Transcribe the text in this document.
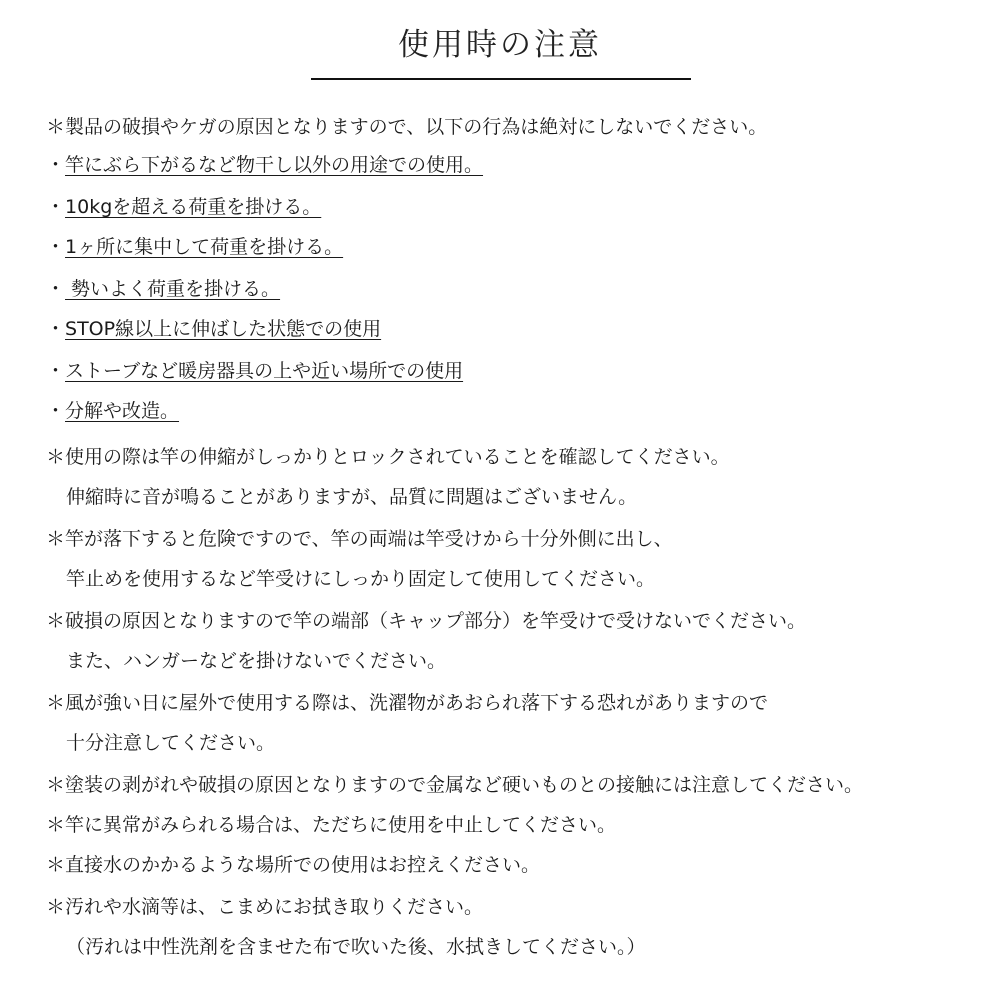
使用時の注意
＊製品の破損やケガの原因となりますので、以下の行為は絶対にしないでください。
・竿にぶら下がるなど物干し以外の用途での使用。
・10kgを超える荷重を掛ける。
・1ヶ所に集中して荷重を掛ける。
・ 勢いよく荷重を掛ける。
・STOP線以上に伸ばした状態での使用
・ストーブなど暖房器具の上や近い場所での使用
・分解や改造。
＊使用の際は竿の伸縮がしっかりとロックされていることを確認してください。
伸縮時に音が鳴ることがありますが、品質に問題はございません。
＊竿が落下すると危険ですので、竿の両端は竿受けから十分外側に出し、
竿止めを使用するなど竿受けにしっかり固定して使用してください。
＊破損の原因となりますので竿の端部（キャップ部分）を竿受けで受けないでください。
また、ハンガーなどを掛けないでください。
＊風が強い日に屋外で使用する際は、洗濯物があおられ落下する恐れがありますので
十分注意してください。
＊塗装の剥がれや破損の原因となりますので金属など硬いものとの接触には注意してください。
＊竿に異常がみられる場合は、ただちに使用を中止してください。
＊直接水のかかるような場所での使用はお控えください。
＊汚れや水滴等は、こまめにお拭き取りください。
（汚れは中性洗剤を含ませた布で吹いた後、水拭きしてください。）
